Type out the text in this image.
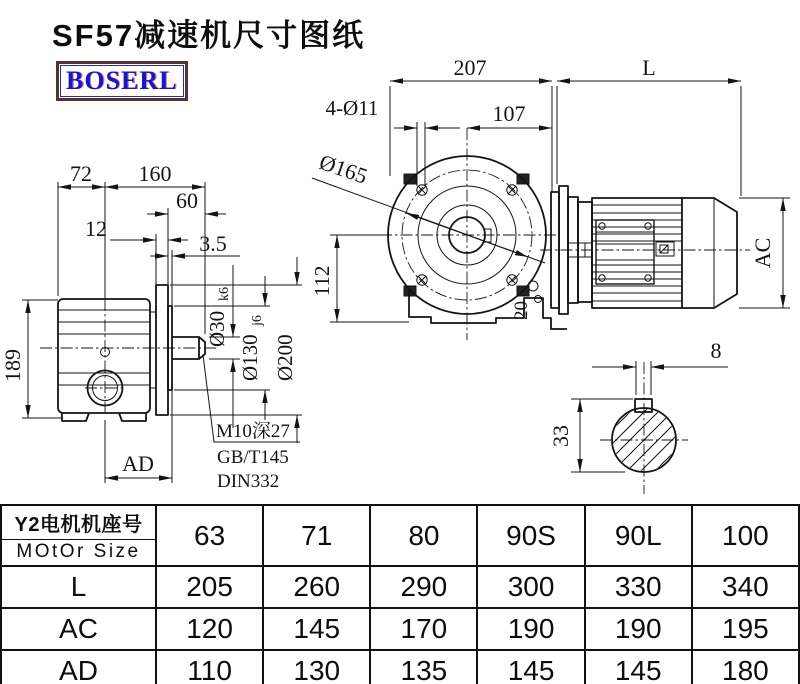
SF57减速机尺寸图纸
BOSERL
189
72 160
60
12
3.5
Ø30
k6
Ø130
j6
Ø200
M10深27
GB/T145
DIN332
AD
Ø165
4-Ø11	107
207	L
112
20
AC
8
33
Y2电机机座号
MOtOr Size	63	71	80	90S	90L	100
L	205	260	290	300	330	340
AC	120	145	170	190	190	195
AD	110	130	135	145	145	180
